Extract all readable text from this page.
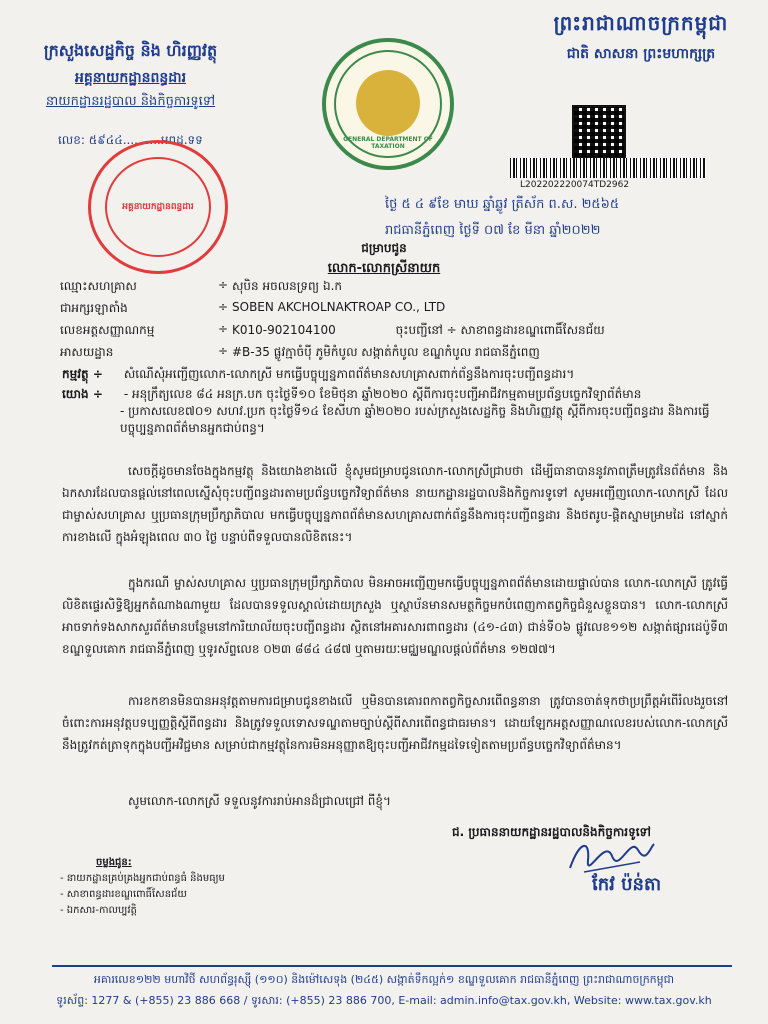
ព្រះរាជាណាចក្រកម្ពុជា
ជាតិ សាសនា ព្រះមហាក្សត្រ
ក្រសួងសេដ្ឋកិច្ច និង ហិរញ្ញវត្ថុ
អគ្គនាយកដ្ឋានពន្ធដារ
នាយកដ្ឋានរដ្ឋបាល និងកិច្ចការទូទៅ
លេខ: ៥៩៤៤..........អពដ.ទទ
អគ្គនាយកដ្ឋានពន្ធដារ
GENERAL DEPARTMENT OF TAXATION
L202202220074TD2962
ថ្ងៃ ៥ ៤ ៩ខែ មាឃ ឆ្នាំឆ្លូវ ត្រីស័ក ព.ស. ២៥៦៥
រាជធានីភ្នំពេញ ថ្ងៃទី ០៧ ខែ មីនា ឆ្នាំ២០២២
ជម្រាបជូន
លោក-លោកស្រីនាយក
ឈ្មោះសហគ្រាស	÷	សុបិន អចលនទ្រព្យ ឯ.ក
ជាអក្សរឡាតាំង	÷	SOBEN AKCHOLNAKTROAP CO., LTD
លេខអត្តសញ្ញាណកម្ម	÷	K010-902104100 ចុះបញ្ជីនៅ ÷ សាខាពន្ធដារខណ្ឌពោធិ៍សែនជ័យ
អាសយដ្ឋាន	÷	#B-35 ផ្លូវក្មាចំប៉ី ភូមិកំបូល សង្កាត់កំបូល ខណ្ឌកំបូល រាជធានីភ្នំពេញ
កម្មវត្ថុ ÷ សំណើសុំអញ្ជើញលោក-លោកស្រី មកធ្វើបច្ចុប្បន្នភាពព័ត៌មានសហគ្រាសពាក់ព័ន្ធនឹងការចុះបញ្ជីពន្ធដារ។
យោង ÷ - អនុក្រឹត្យលេខ ៨៤ អនក្រ.បក ចុះថ្ងៃទី១០ ខែមិថុនា ឆ្នាំ២០២០ ស្តីពីការចុះបញ្ជីអាជីវកម្មតាមប្រព័ន្ធបច្ចេកវិទ្យាព័ត៌មាន
- ប្រកាសលេខ៧០១ សហវ.ប្រក ចុះថ្ងៃទី១៤ ខែសីហា ឆ្នាំ២០២០ របស់ក្រសួងសេដ្ឋកិច្ច និងហិរញ្ញវត្ថុ ស្តីពីការចុះបញ្ជីពន្ធដារ និងការធ្វើបច្ចុប្បន្នភាពព័ត៌មានអ្នកជាប់ពន្ធ។
សេចក្តីដូចមានចែងក្នុងកម្មវត្ថុ និងយោងខាងលើ ខ្ញុំសូមជម្រាបជូនលោក-លោកស្រីជ្រាបថា ដើម្បីធានាបាននូវភាពត្រឹមត្រូវនៃព័ត៌មាន និងឯកសារដែលបានផ្តល់នៅពេលស្នើសុំចុះបញ្ជីពន្ធដារតាមប្រព័ន្ធបច្ចេកវិទ្យាព័ត៌មាន នាយកដ្ឋានរដ្ឋបាលនិងកិច្ចការទូទៅ សូមអញ្ជើញលោក-លោកស្រី ដែលជាម្ចាស់សហគ្រាស ឬប្រធានក្រុមប្រឹក្សាភិបាល មកធ្វើបច្ចុប្បន្នភាពព័ត៌មានសហគ្រាសពាក់ព័ន្ធនឹងការចុះបញ្ជីពន្ធដារ និងថតរូប-ផ្តិតស្នាមម្រាមដៃ នៅស្នាក់ការខាងលើ ក្នុងអំឡុងពេល ៣០ ថ្ងៃ បន្ទាប់ពីទទួលបានលិខិតនេះ។
ក្នុងករណី ម្ចាស់សហគ្រាស ឬប្រធានក្រុមប្រឹក្សាភិបាល មិនអាចអញ្ជើញមកធ្វើបច្ចុប្បន្នភាពព័ត៌មានដោយផ្ទាល់បាន លោក-លោកស្រី ត្រូវធ្វើលិខិតផ្ទេរសិទ្ធិឱ្យអ្នកតំណាងណាមួយ ដែលបានទទួលស្គាល់ដោយក្រសួង ឬស្ថាប័នមានសមត្ថកិច្ចមកបំពេញកាតព្វកិច្ចជំនួសខ្លួនបាន។ លោក-លោកស្រី អាចទាក់ទងសាកសួរព័ត៌មានបន្ថែមនៅការិយាល័យចុះបញ្ជីពន្ធដារ ស្ថិតនៅអគារសារពាពន្ធដារ (៤១-៤៣) ជាន់ទី០៦ ផ្លូវលេខ១១២ សង្កាត់ផ្សារដេប៉ូទី៣ ខណ្ឌទួលគោក រាជធានីភ្នំពេញ ឬទូរស័ព្ទលេខ ០២៣ ៨៨៤ ៤៨៧ ឬតាមរយៈមជ្ឈមណ្ឌលផ្តល់ព័ត៌មាន ១២៧៧។
ការខកខានមិនបានអនុវត្តតាមការជម្រាបជូនខាងលើ ឬមិនបានគោរពកាតព្វកិច្ចសារពើពន្ធនានា ត្រូវបានចាត់ទុកថាប្រព្រឹត្តអំពើរំលងរួចនៅចំពោះការអនុវត្តបទប្បញ្ញត្តិស្តីពីពន្ធដារ និងត្រូវទទួលទោសទណ្ឌតាមច្បាប់ស្តីពីសារពើពន្ធជាធរមាន។ ដោយឡែកអត្តសញ្ញាណលេខរបស់លោក-លោកស្រីនឹងត្រូវកត់ត្រាទុកក្នុងបញ្ជីអវិជ្ជមាន សម្រាប់ជាកម្មវត្ថុនៃការមិនអនុញ្ញាតឱ្យចុះបញ្ជីអាជីវកម្មដទៃទៀតតាមប្រព័ន្ធបច្ចេកវិទ្យាព័ត៌មាន។
សូមលោក-លោកស្រី ទទួលនូវការរាប់អានដ៏ជ្រាលជ្រៅ ពីខ្ញុំ។
ជ. ប្រធាននាយកដ្ឋានរដ្ឋបាលនិងកិច្ចការទូទៅ
កែវ ប៉ន់តា
ចម្លងជូន:
- នាយកដ្ឋានគ្រប់គ្រងអ្នកជាប់ពន្ធធំ និងមធ្យម
- សាខាពន្ធដារខណ្ឌពោធិ៍សែនជ័យ
- ឯកសារ-កាលប្បវត្តិ
អគារលេខ១២២ មហាវិថី សហព័ន្ធរុស្ស៊ី (១១០) និងម៉ៅសេទុង (២៤៥) សង្កាត់ទឹកល្អក់១ ខណ្ឌទួលគោក រាជធានីភ្នំពេញ ព្រះរាជាណាចក្រកម្ពុជា
ទូរស័ព្ទ: 1277 & (+855) 23 886 668 / ទូរសារ: (+855) 23 886 700, E-mail: admin.info@tax.gov.kh, Website: www.tax.gov.kh
